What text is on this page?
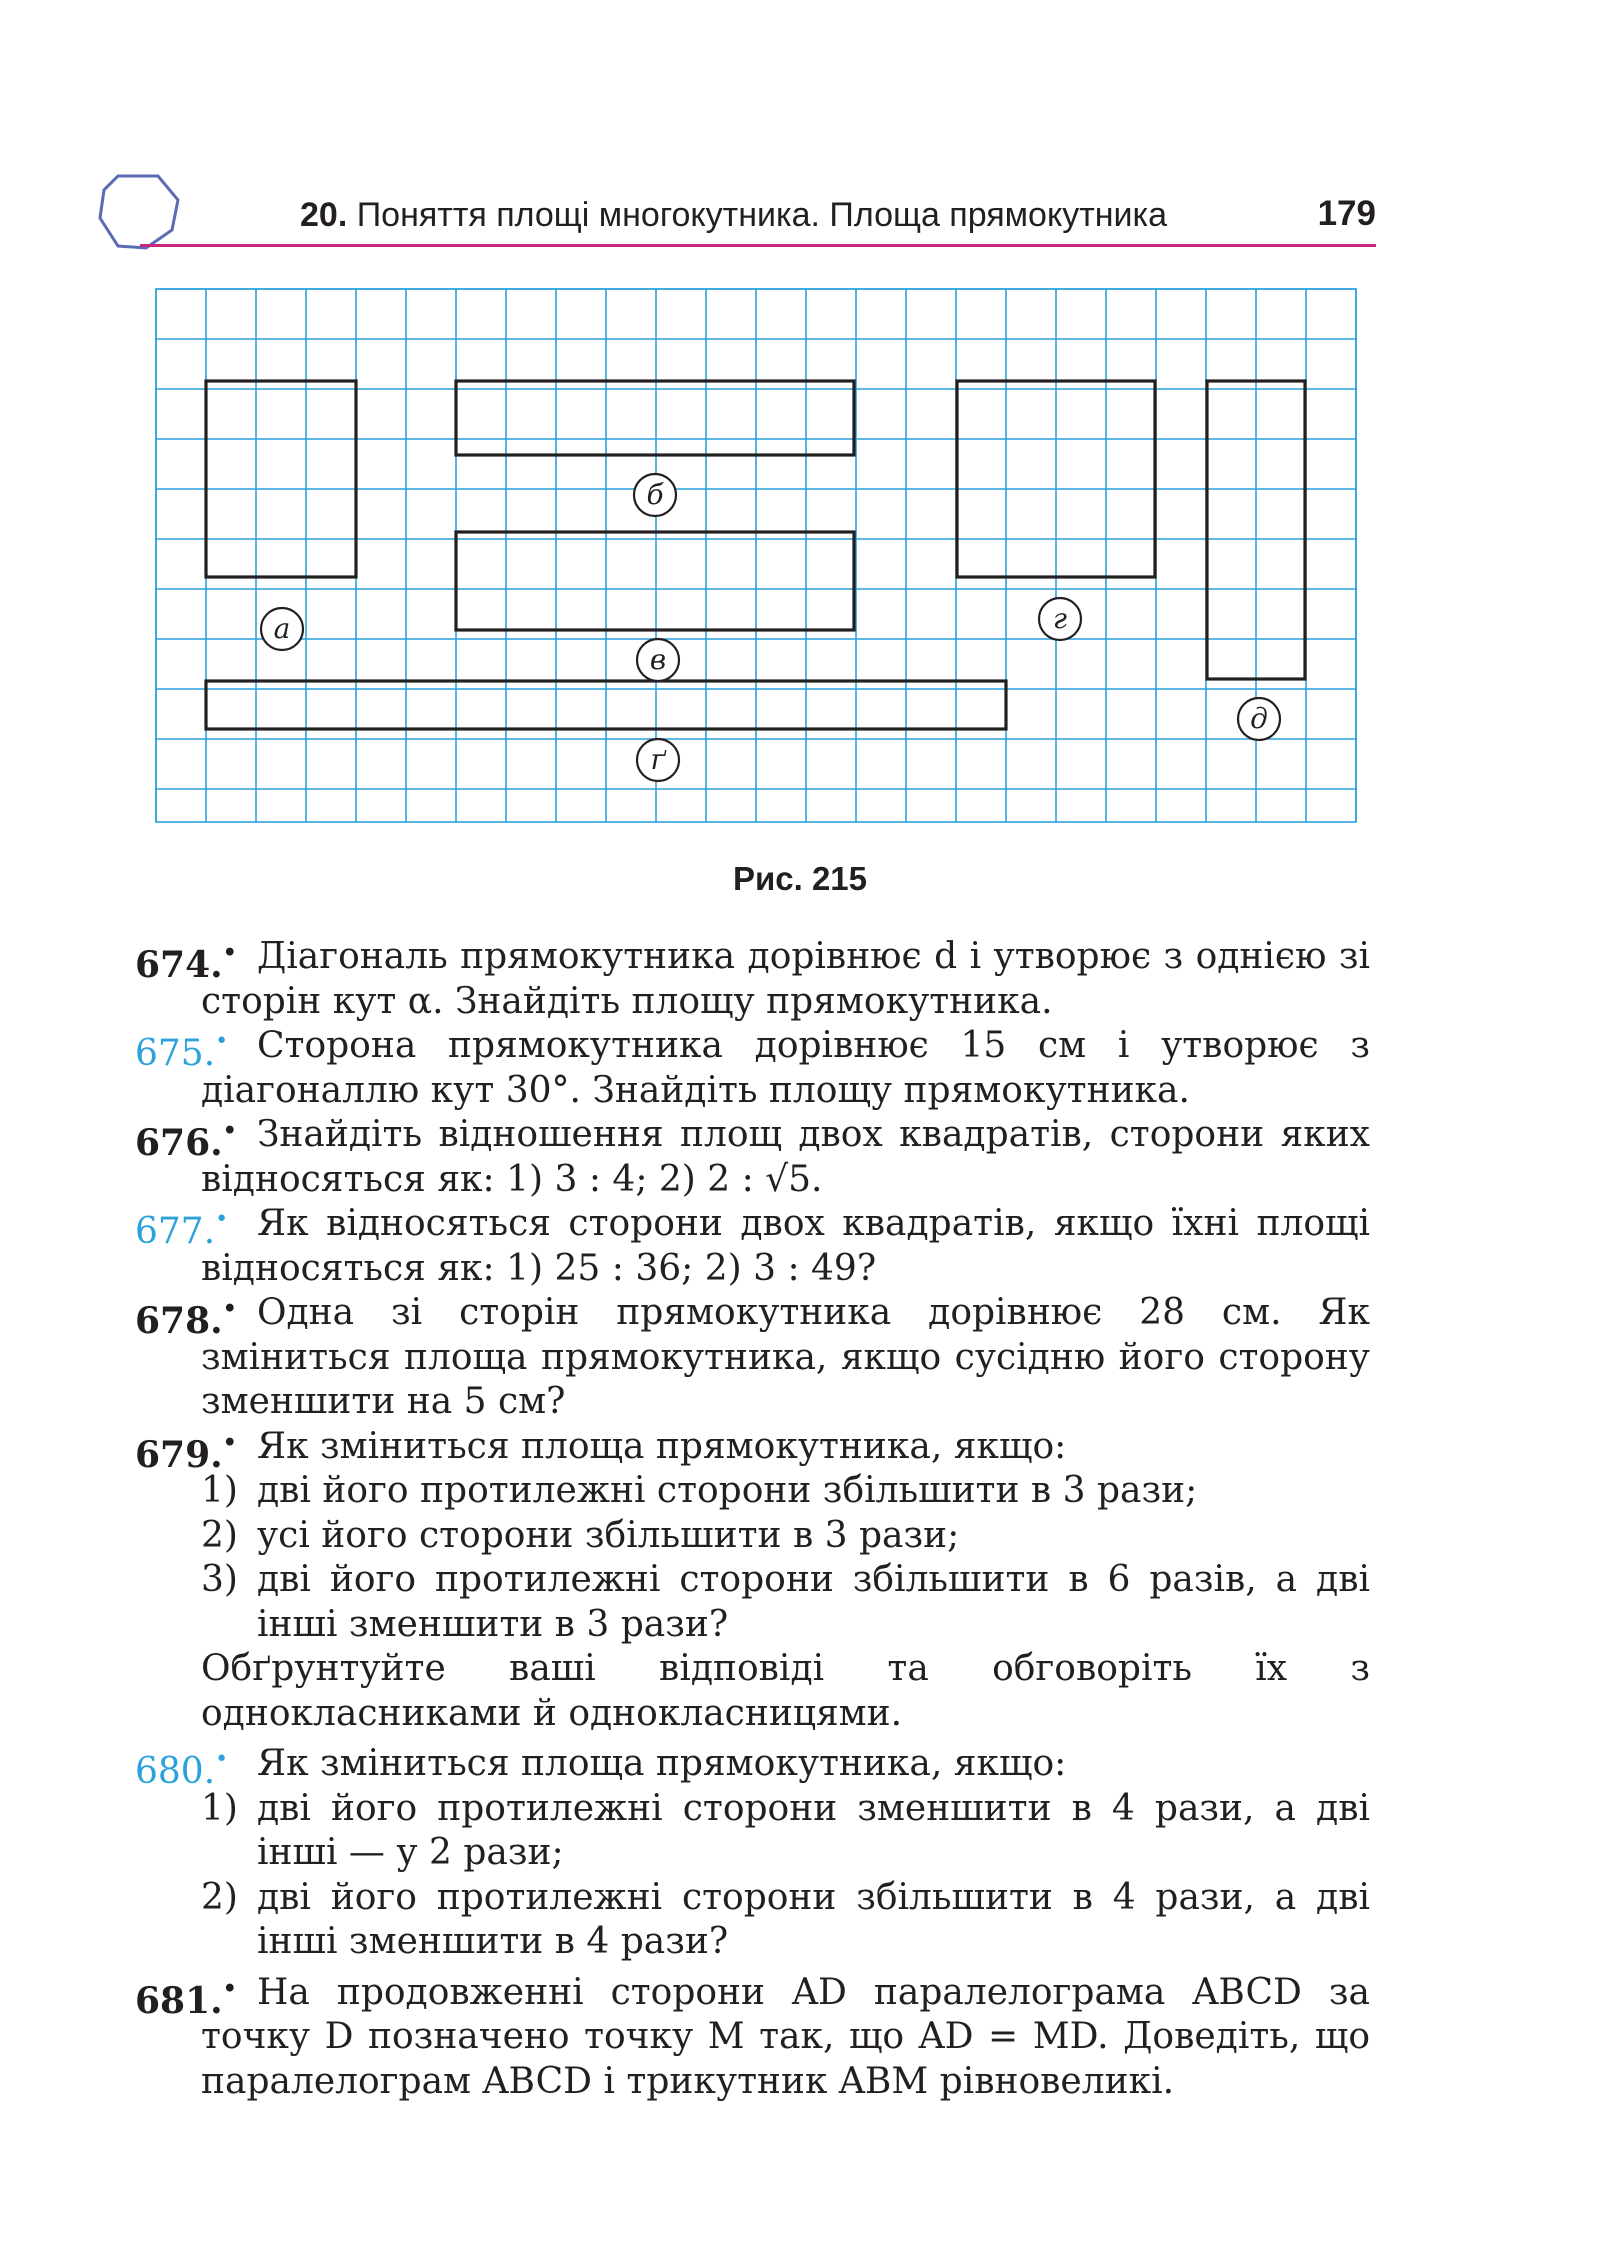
20. Поняття площі многокутника. Площа прямокутника	179
а
б
в
г
ґ
д
Рис. 215
674.• Діагональ прямокутника дорівнює d і утворює з однією зі сторін кут α. Знайдіть площу прямокутника.
675.• Сторона прямокутника дорівнює 15 см і утворює з діагоналлю кут 30°. Знайдіть площу прямокутника.
676.• Знайдіть відношення площ двох квадратів, сторони яких відносяться як: 1) 3 : 4; 2) 2 : √5.
677.• Як відносяться сторони двох квадратів, якщо їхні площі відносяться як: 1) 25 : 36; 2) 3 : 49?
678.• Одна зі сторін прямокутника дорівнює 28 см. Як зміниться площа прямокутника, якщо сусідню його сторону зменшити на 5 см?
679.• Як зміниться площа прямокутника, якщо:
1) дві його протилежні сторони збільшити в 3 рази;
2) усі його сторони збільшити в 3 рази;
3) дві його протилежні сторони збільшити в 6 разів, а дві інші зменшити в 3 рази?
Обґрунтуйте ваші відповіді та обговоріть їх з однокласниками й однокласницями.
680.• Як зміниться площа прямокутника, якщо:
1) дві його протилежні сторони зменшити в 4 рази, а дві інші — у 2 рази;
2) дві його протилежні сторони збільшити в 4 рази, а дві інші зменшити в 4 рази?
681.• На продовженні сторони AD паралелограма ABCD за точку D позначено точку M так, що AD = MD. Доведіть, що паралелограм ABCD і трикутник ABM рівновеликі.
